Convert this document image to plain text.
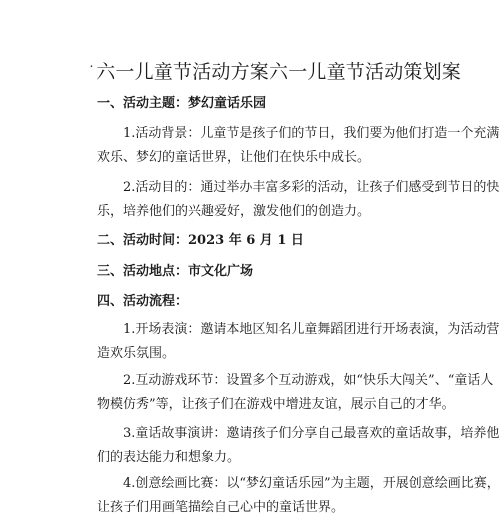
˙六一儿童节活动方案六一儿童节活动策划案
一、活动主题：梦幻童话乐园
1.活动背景：儿童节是孩子们的节日，我们要为他们打造一个充满
欢乐、梦幻的童话世界，让他们在快乐中成长。
2.活动目的：通过举办丰富多彩的活动，让孩子们感受到节日的快
乐，培养他们的兴趣爱好，激发他们的创造力。
二、活动时间：2023 年 6 月 1 日
三、活动地点：市文化广场
四、活动流程：
1.开场表演：邀请本地区知名儿童舞蹈团进行开场表演，为活动营
造欢乐氛围。
2.互动游戏环节：设置多个互动游戏，如“快乐大闯关”、“童话人
物模仿秀”等，让孩子们在游戏中增进友谊，展示自己的才华。
3.童话故事演讲：邀请孩子们分享自己最喜欢的童话故事，培养他
们的表达能力和想象力。
4.创意绘画比赛：以“梦幻童话乐园”为主题，开展创意绘画比赛，
让孩子们用画笔描绘自己心中的童话世界。
